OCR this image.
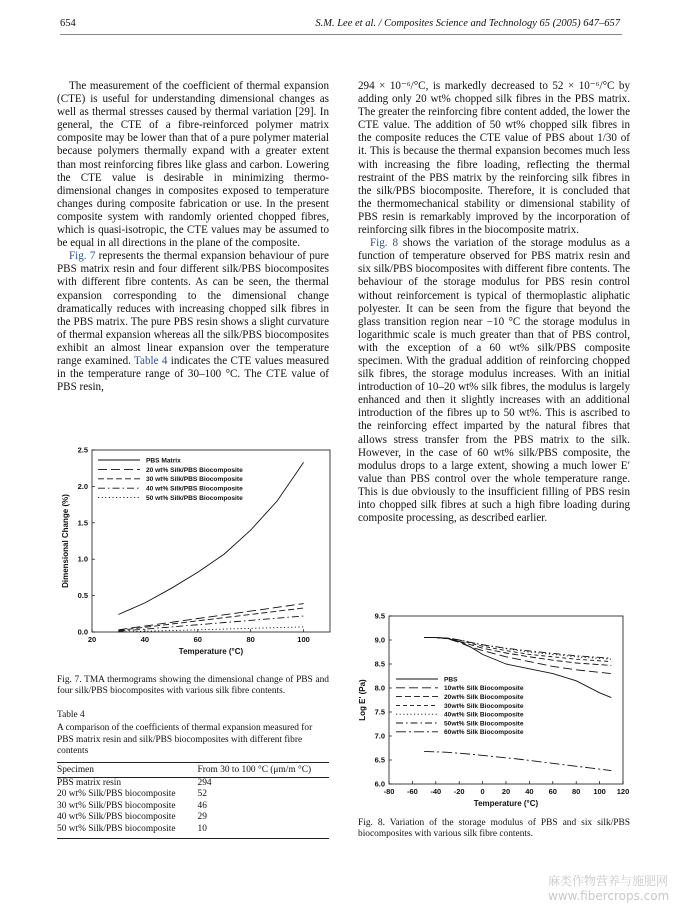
654	S.M. Lee et al. / Composites Science and Technology 65 (2005) 647–657

The measurement of the coefficient of thermal expansion (CTE) is useful for understanding dimensional changes as well as thermal stresses caused by thermal variation [29]. In general, the CTE of a fibre-reinforced polymer matrix composite may be lower than that of a pure polymer material because polymers thermally expand with a greater extent than most reinforcing fibres like glass and carbon. Lowering the CTE value is desirable in minimizing thermo-dimensional changes in composites exposed to temperature changes during composite fabrication or use. In the present composite system with randomly oriented chopped fibres, which is quasi-isotropic, the CTE values may be assumed to be equal in all directions in the plane of the composite.

Fig. 7 represents the thermal expansion behaviour of pure PBS matrix resin and four different silk/PBS biocomposites with different fibre contents. As can be seen, the thermal expansion corresponding to the dimensional change dramatically reduces with increasing chopped silk fibres in the PBS matrix. The pure PBS resin shows a slight curvature of thermal expansion whereas all the silk/PBS biocomposites exhibit an almost linear expansion over the temperature range examined. Table 4 indicates the CTE values measured in the temperature range of 30–100 °C. The CTE value of PBS resin,

294 × 10⁻⁶/°C, is markedly decreased to 52 × 10⁻⁶/°C by adding only 20 wt% chopped silk fibres in the PBS matrix. The greater the reinforcing fibre content added, the lower the CTE value. The addition of 50 wt% chopped silk fibres in the composite reduces the CTE value of PBS about 1/30 of it. This is because the thermal expansion becomes much less with increasing the fibre loading, reflecting the thermal restraint of the PBS matrix by the reinforcing silk fibres in the silk/PBS biocomposite. Therefore, it is concluded that the thermomechanical stability or dimensional stability of PBS resin is remarkably improved by the incorporation of reinforcing silk fibres in the biocomposite matrix.

Fig. 8 shows the variation of the storage modulus as a function of temperature observed for PBS matrix resin and six silk/PBS biocomposites with different fibre contents. The behaviour of the storage modulus for PBS resin control without reinforcement is typical of thermoplastic aliphatic polyester. It can be seen from the figure that beyond the glass transition region near −10 °C the storage modulus in logarithmic scale is much greater than that of PBS control, with the exception of a 60 wt% silk/PBS composite specimen. With the gradual addition of reinforcing chopped silk fibres, the storage modulus increases. With an initial introduction of 10–20 wt% silk fibres, the modulus is largely enhanced and then it slightly increases with an additional introduction of the fibres up to 50 wt%. This is ascribed to the reinforcing effect imparted by the natural fibres that allows stress transfer from the PBS matrix to the silk. However, in the case of 60 wt% silk/PBS composite, the modulus drops to a large extent, showing a much lower E′ value than PBS control over the whole temperature range. This is due obviously to the insufficient filling of PBS resin into chopped silk fibres at such a high fibre loading during composite processing, as described earlier.

20	40	60	80	100
0.0
0.5
1.0
1.5
2.0
2.5
Temperature (°C)
Dimensional Change (%)
PBS Matrix
20 wt% Silk/PBS Biocomposite
30 wt% Silk/PBS Biocomposite
40 wt% Silk/PBS Biocomposite
50 wt% Silk/PBS Biocomposite
Fig. 7. TMA thermograms showing the dimensional change of PBS and four silk/PBS biocomposites with various silk fibre contents.
Table 4
A comparison of the coefficients of thermal expansion measured for PBS matrix resin and silk/PBS biocomposites with different fibre contents
Specimen	From 30 to 100 °C (μm/m °C)
PBS matrix resin	294
20 wt% Silk/PBS biocomposite	52
30 wt% Silk/PBS biocomposite	46
40 wt% Silk/PBS biocomposite	29
50 wt% Silk/PBS biocomposite	10
-80 -60 -40 -20 0 20 40 60 80 100 120
6.0
6.5
7.0
7.5
8.0
8.5
9.0
9.5
Temperature (°C)
Log E' (Pa)	PBS
10wt% Silk Biocomposite
20wt% Silk Biocomposite
30wt% Silk Biocomposite
40wt% Silk Biocomposite
50wt% Silk Biocomposite
60wt% Silk Biocomposite
Fig. 8. Variation of the storage modulus of PBS and six silk/PBS biocomposites with various silk fibre contents.
麻类作物营养与施肥网 www.fibercrops.com
